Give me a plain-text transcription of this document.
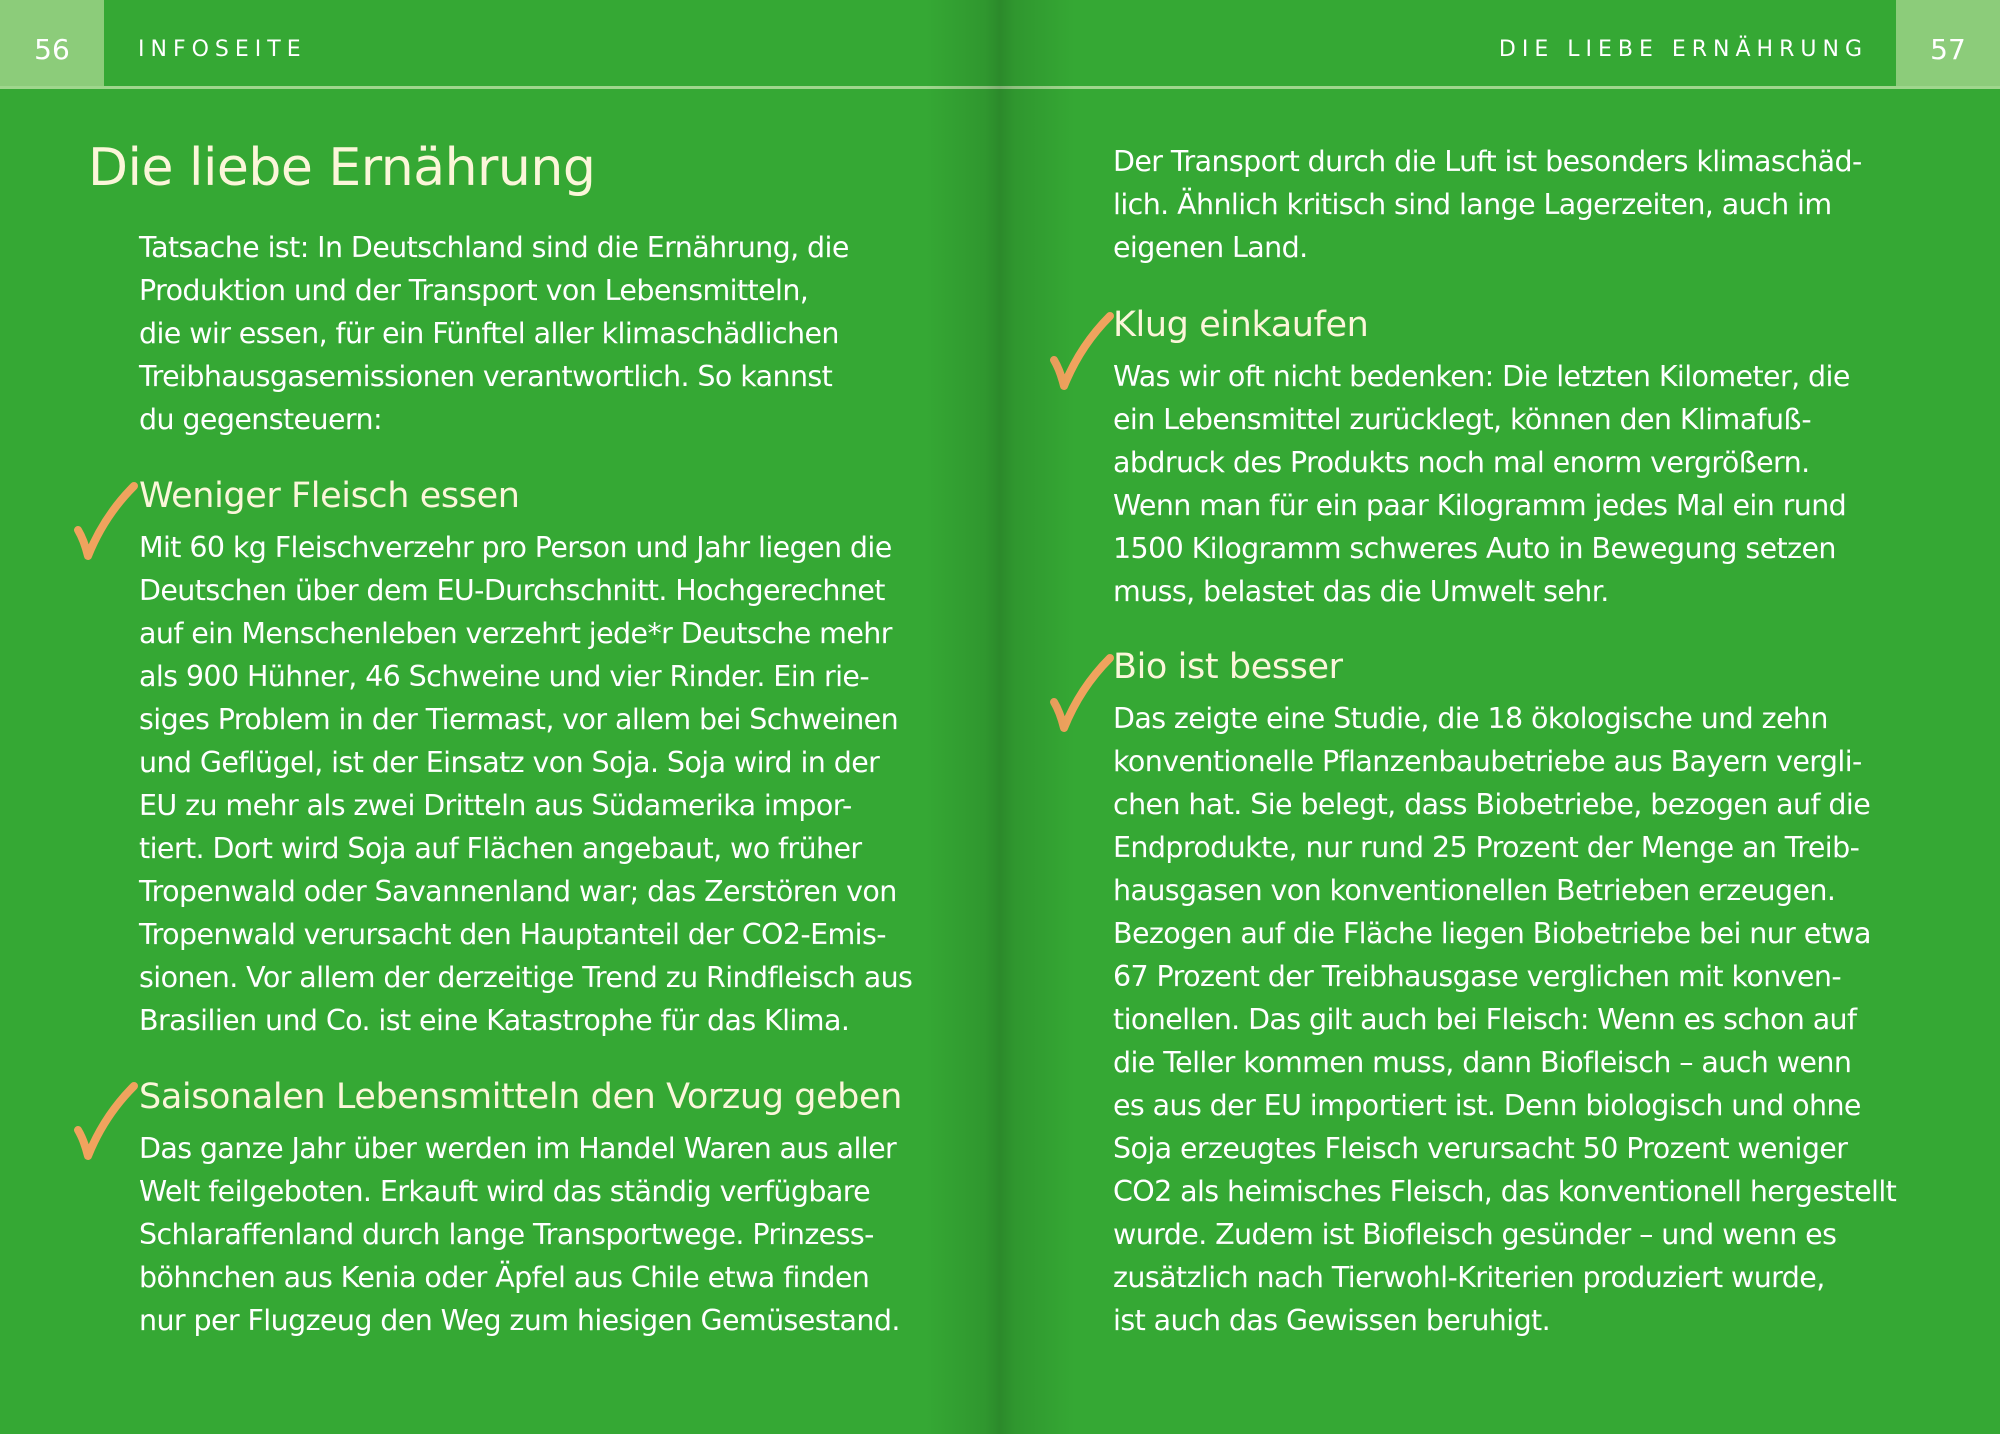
56	INFOSEITE
Die liebe Ernährung

Tatsache ist: In Deutschland sind die Ernährung, die
Produktion und der Transport von Lebensmitteln,
die wir essen, für ein Fünftel aller klimaschädlichen
Treibhausgasemissionen verantwortlich. So kannst
du gegensteuern:

Weniger Fleisch essen

Mit 60 kg Fleischverzehr pro Person und Jahr liegen die
Deutschen über dem EU-Durchschnitt. Hochgerechnet
auf ein Menschenleben verzehrt jede*r Deutsche mehr
als 900 Hühner, 46 Schweine und vier Rinder. Ein rie-
siges Problem in der Tiermast, vor allem bei Schweinen
und Geflügel, ist der Einsatz von Soja. Soja wird in der
EU zu mehr als zwei Dritteln aus Südamerika impor-
tiert. Dort wird Soja auf Flächen angebaut, wo früher
Tropenwald oder Savannenland war; das Zerstören von
Tropenwald verursacht den Hauptanteil der CO2-Emis-
sionen. Vor allem der derzeitige Trend zu Rindfleisch aus
Brasilien und Co. ist eine Katastrophe für das Klima.

Saisonalen Lebensmitteln den Vorzug geben

Das ganze Jahr über werden im Handel Waren aus aller
Welt feilgeboten. Erkauft wird das ständig verfügbare
Schlaraffenland durch lange Transportwege. Prinzess-
böhnchen aus Kenia oder Äpfel aus Chile etwa finden
nur per Flugzeug den Weg zum hiesigen Gemüsestand.

DIE LIEBE ERNÄHRUNG	57

Der Transport durch die Luft ist besonders klimaschäd-
lich. Ähnlich kritisch sind lange Lagerzeiten, auch im
eigenen Land.

Klug einkaufen

Was wir oft nicht bedenken: Die letzten Kilometer, die
ein Lebensmittel zurücklegt, können den Klimafuß-
abdruck des Produkts noch mal enorm vergrößern.
Wenn man für ein paar Kilogramm jedes Mal ein rund
1500 Kilogramm schweres Auto in Bewegung setzen
muss, belastet das die Umwelt sehr.

Bio ist besser

Das zeigte eine Studie, die 18 ökologische und zehn
konventionelle Pflanzenbaubetriebe aus Bayern vergli-
chen hat. Sie belegt, dass Biobetriebe, bezogen auf die
Endprodukte, nur rund 25 Prozent der Menge an Treib-
hausgasen von konventionellen Betrieben erzeugen.
Bezogen auf die Fläche liegen Biobetriebe bei nur etwa
67 Prozent der Treibhausgase verglichen mit konven-
tionellen. Das gilt auch bei Fleisch: Wenn es schon auf
die Teller kommen muss, dann Biofleisch – auch wenn
es aus der EU importiert ist. Denn biologisch und ohne
Soja erzeugtes Fleisch verursacht 50 Prozent weniger
CO2 als heimisches Fleisch, das konventionell hergestellt
wurde. Zudem ist Biofleisch gesünder – und wenn es
zusätzlich nach Tierwohl-Kriterien produziert wurde,
ist auch das Gewissen beruhigt.
